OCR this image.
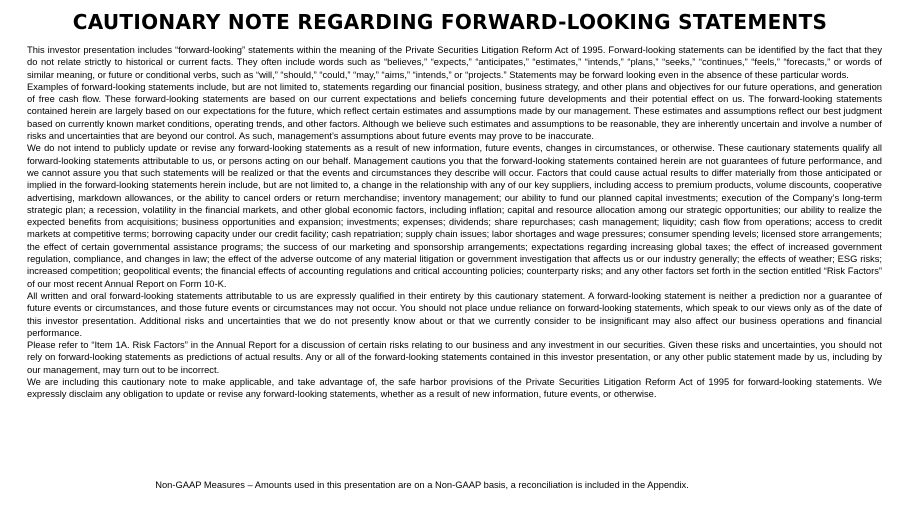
CAUTIONARY NOTE REGARDING FORWARD-LOOKING STATEMENTS

This investor presentation includes “forward-looking” statements within the meaning of the Private Securities Litigation Reform Act of 1995. Forward-looking statements can be identified by the fact that they do not relate strictly to historical or current facts. They often include words such as “believes,” “expects,” “anticipates,” “estimates,” “intends,” “plans,” “seeks,” “continues,” “feels,” “forecasts,” or words of similar meaning, or future or conditional verbs, such as “will,” “should,” “could,” “may,” “aims,” “intends,” or “projects.” Statements may be forward looking even in the absence of these particular words.

Examples of forward-looking statements include, but are not limited to, statements regarding our financial position, business strategy, and other plans and objectives for our future operations, and generation of free cash flow. These forward-looking statements are based on our current expectations and beliefs concerning future developments and their potential effect on us. The forward-looking statements contained herein are largely based on our expectations for the future, which reflect certain estimates and assumptions made by our management. These estimates and assumptions reflect our best judgment based on currently known market conditions, operating trends, and other factors. Although we believe such estimates and assumptions to be reasonable, they are inherently uncertain and involve a number of risks and uncertainties that are beyond our control. As such, management’s assumptions about future events may prove to be inaccurate.

We do not intend to publicly update or revise any forward-looking statements as a result of new information, future events, changes in circumstances, or otherwise. These cautionary statements qualify all forward-looking statements attributable to us, or persons acting on our behalf. Management cautions you that the forward-looking statements contained herein are not guarantees of future performance, and we cannot assure you that such statements will be realized or that the events and circumstances they describe will occur. Factors that could cause actual results to differ materially from those anticipated or implied in the forward-looking statements herein include, but are not limited to, a change in the relationship with any of our key suppliers, including access to premium products, volume discounts, cooperative advertising, markdown allowances, or the ability to cancel orders or return merchandise; inventory management; our ability to fund our planned capital investments; execution of the Company’s long-term strategic plan; a recession, volatility in the financial markets, and other global economic factors, including inflation; capital and resource allocation among our strategic opportunities; our ability to realize the expected benefits from acquisitions; business opportunities and expansion; investments; expenses; dividends; share repurchases; cash management; liquidity; cash flow from operations; access to credit markets at competitive terms; borrowing capacity under our credit facility; cash repatriation; supply chain issues; labor shortages and wage pressures; consumer spending levels; licensed store arrangements; the effect of certain governmental assistance programs; the success of our marketing and sponsorship arrangements; expectations regarding increasing global taxes; the effect of increased government regulation, compliance, and changes in law; the effect of the adverse outcome of any material litigation or government investigation that affects us or our industry generally; the effects of weather; ESG risks; increased competition; geopolitical events; the financial effects of accounting regulations and critical accounting policies; counterparty risks; and any other factors set forth in the section entitled “Risk Factors” of our most recent Annual Report on Form 10-K.

All written and oral forward-looking statements attributable to us are expressly qualified in their entirety by this cautionary statement. A forward-looking statement is neither a prediction nor a guarantee of future events or circumstances, and those future events or circumstances may not occur. You should not place undue reliance on forward-looking statements, which speak to our views only as of the date of this investor presentation. Additional risks and uncertainties that we do not presently know about or that we currently consider to be insignificant may also affect our business operations and financial performance.

Please refer to “Item 1A. Risk Factors” in the Annual Report for a discussion of certain risks relating to our business and any investment in our securities. Given these risks and uncertainties, you should not rely on forward-looking statements as predictions of actual results. Any or all of the forward-looking statements contained in this investor presentation, or any other public statement made by us, including by our management, may turn out to be incorrect.

We are including this cautionary note to make applicable, and take advantage of, the safe harbor provisions of the Private Securities Litigation Reform Act of 1995 for forward-looking statements. We expressly disclaim any obligation to update or revise any forward-looking statements, whether as a result of new information, future events, or otherwise.

Non-GAAP Measures – Amounts used in this presentation are on a Non-GAAP basis, a reconciliation is included in the Appendix.
